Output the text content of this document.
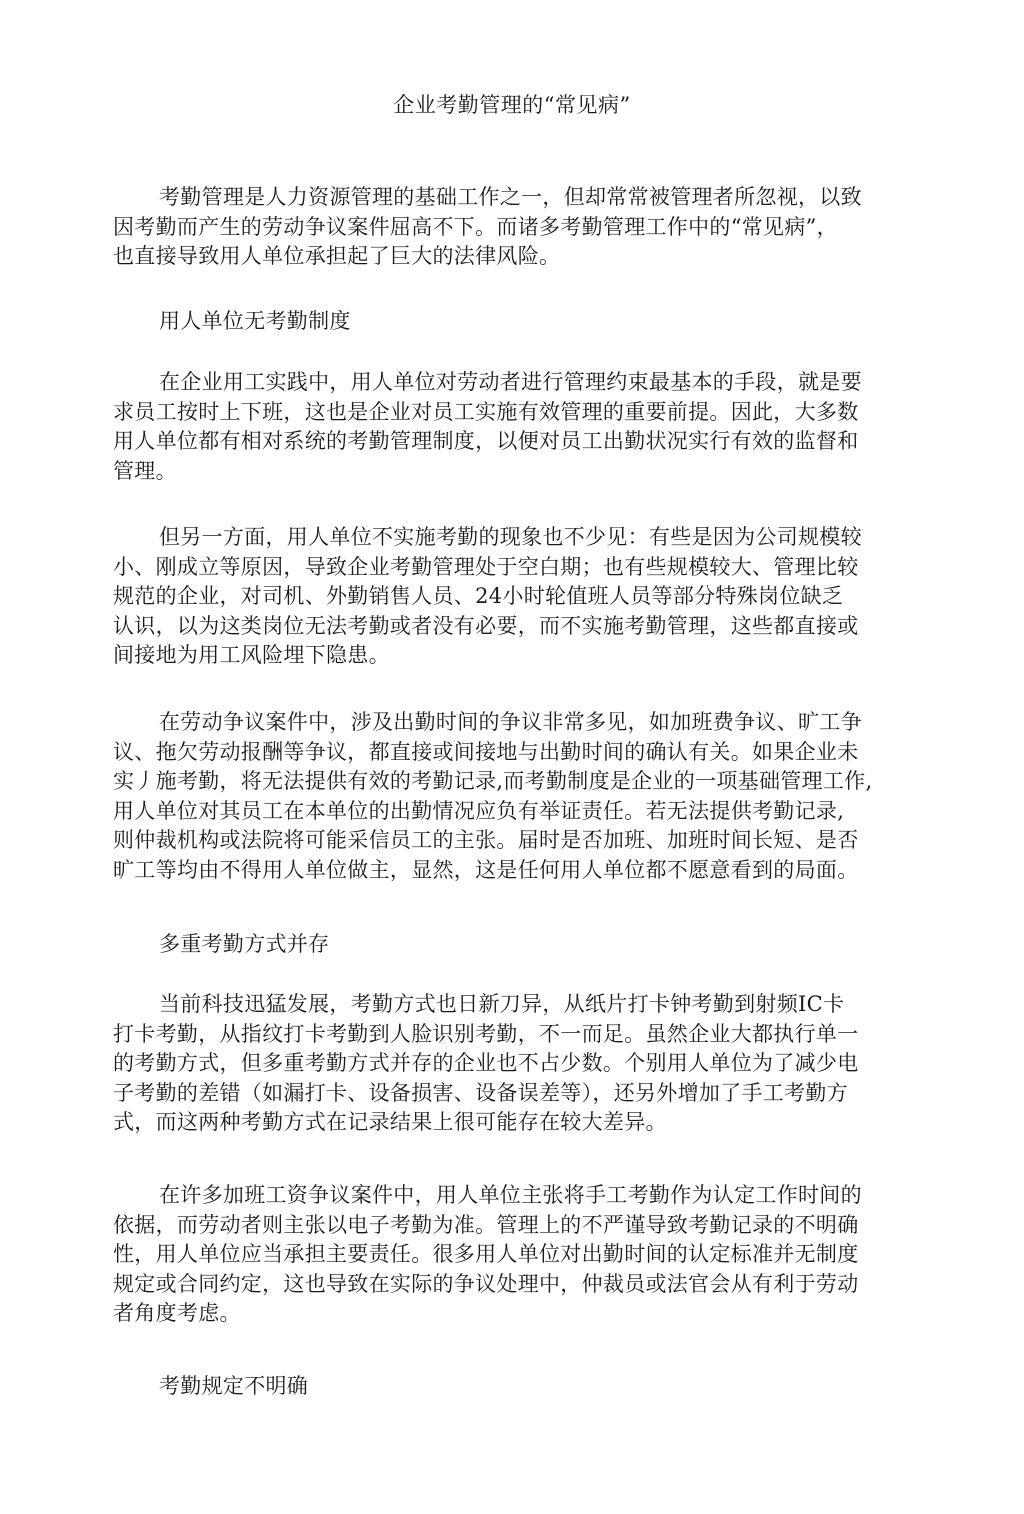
企业考勤管理的“常见病”
考勤管理是人力资源管理的基础工作之一，但却常常被管理者所忽视，以致
因考勤而产生的劳动争议案件屈高不下。而诸多考勤管理工作中的“常见病”，
也直接导致用人单位承担起了巨大的法律风险。
用人单位无考勤制度
在企业用工实践中，用人单位对劳动者进行管理约束最基本的手段，就是要
求员工按时上下班，这也是企业对员工实施有效管理的重要前提。因此，大多数
用人单位都有相对系统的考勤管理制度，以便对员工出勤状况实行有效的监督和
管理。
但另一方面，用人单位不实施考勤的现象也不少见：有些是因为公司规模较
小、刚成立等原因，导致企业考勤管理处于空白期；也有些规模较大、管理比较
规范的企业，对司机、外勤销售人员、24小时轮值班人员等部分特殊岗位缺乏
认识，以为这类岗位无法考勤或者没有必要，而不实施考勤管理，这些都直接或
间接地为用工风险埋下隐患。
在劳动争议案件中，涉及出勤时间的争议非常多见，如加班费争议、旷工争
议、拖欠劳动报酬等争议，都直接或间接地与出勤时间的确认有关。如果企业未
实丿施考勤，将无法提供有效的考勤记录,而考勤制度是企业的一项基础管理工作,
用人单位对其员工在本单位的出勤情况应负有举证责任。若无法提供考勤记录,
则仲裁机构或法院将可能采信员工的主张。届时是否加班、加班时间长短、是否
旷工等均由不得用人单位做主，显然，这是任何用人单位都不愿意看到的局面。
多重考勤方式并存
当前科技迅猛发展，考勤方式也日新刀异，从纸片打卡钟考勤到射频IC卡
打卡考勤，从指纹打卡考勤到人脸识别考勤，不一而足。虽然企业大都执行单一
的考勤方式，但多重考勤方式并存的企业也不占少数。个别用人单位为了减少电
子考勤的差错（如漏打卡、设备损害、设备误差等），还另外增加了手工考勤方
式，而这两种考勤方式在记录结果上很可能存在较大差异。
在许多加班工资争议案件中，用人单位主张将手工考勤作为认定工作时间的
依据，而劳动者则主张以电子考勤为准。管理上的不严谨导致考勤记录的不明确
性，用人单位应当承担主要责任。很多用人单位对出勤时间的认定标准并无制度
规定或合同约定，这也导致在实际的争议处理中，仲裁员或法官会从有利于劳动
者角度考虑。
考勤规定不明确
